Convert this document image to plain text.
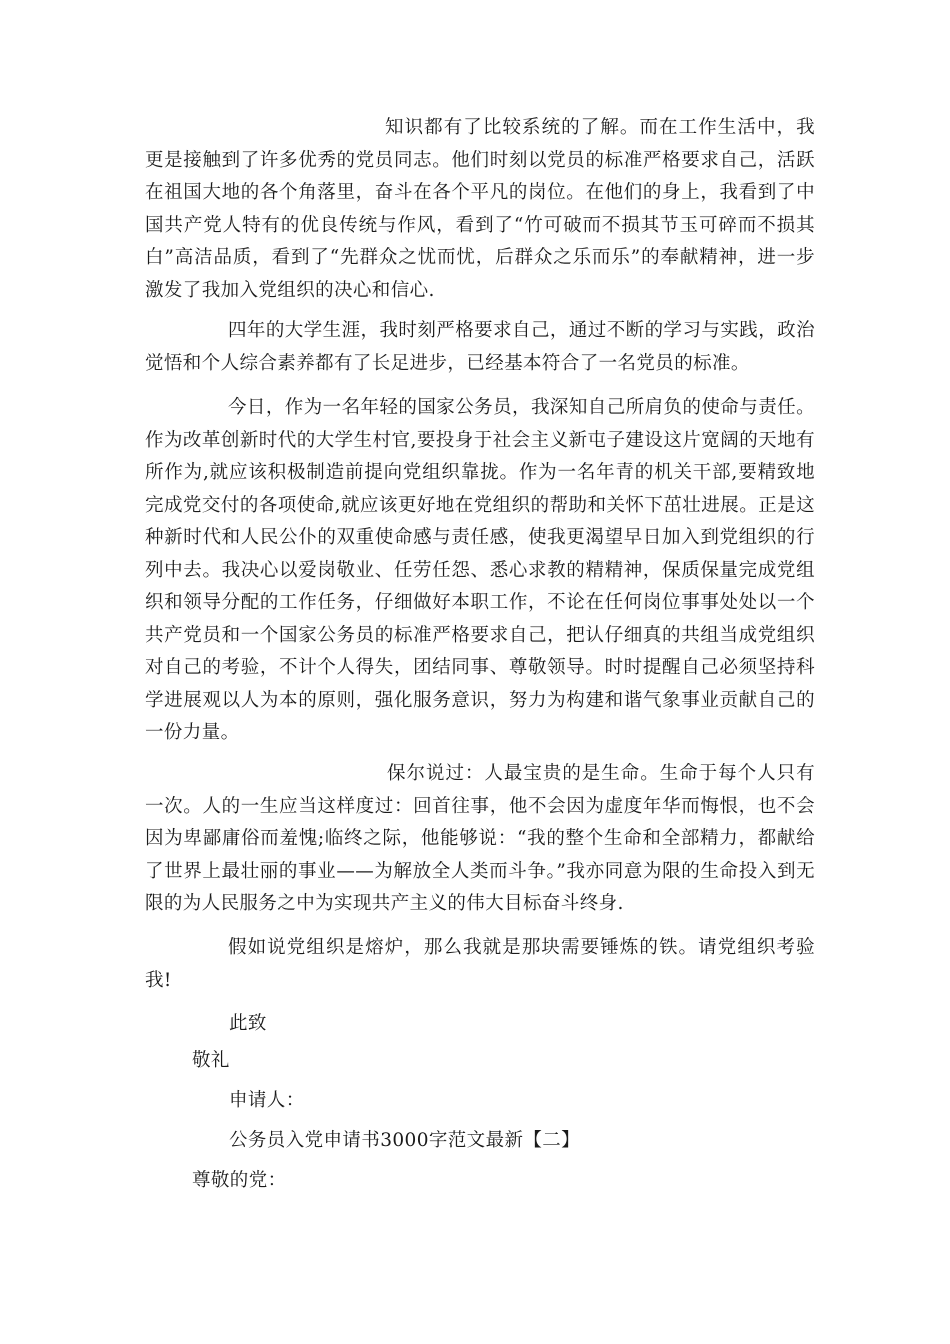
知识都有了比较系统的了解。而在工作生活中，我更是接触到了许多优秀的党员同志。他们时刻以党员的标准严格要求自己，活跃在祖国大地的各个角落里，奋斗在各个平凡的岗位。在他们的身上，我看到了中国共产党人特有的优良传统与作风，看到了“竹可破而不损其节玉可碎而不损其白”高洁品质，看到了“先群众之忧而忧，后群众之乐而乐”的奉献精神，进一步激发了我加入党组织的决心和信心.

四年的大学生涯，我时刻严格要求自己，通过不断的学习与实践，政治觉悟和个人综合素养都有了长足进步，已经基本符合了一名党员的标准。

今日，作为一名年轻的国家公务员，我深知自己所肩负的使命与责任。作为改革创新时代的大学生村官,要投身于社会主义新屯子建设这片宽阔的天地有所作为,就应该积极制造前提向党组织靠拢。作为一名年青的机关干部,要精致地完成党交付的各项使命,就应该更好地在党组织的帮助和关怀下茁壮进展。正是这种新时代和人民公仆的双重使命感与责任感，使我更渴望早日加入到党组织的行列中去。我决心以爱岗敬业、任劳任怨、悉心求教的精精神，保质保量完成党组织和领导分配的工作任务，仔细做好本职工作，不论在任何岗位事事处处以一个共产党员和一个国家公务员的标准严格要求自己，把认仔细真的共组当成党组织对自己的考验，不计个人得失，团结同事、尊敬领导。时时提醒自己必须坚持科学进展观以人为本的原则，强化服务意识，努力为构建和谐气象事业贡献自己的一份力量。

保尔说过：人最宝贵的是生命。生命于每个人只有一次。人的一生应当这样度过：回首往事，他不会因为虚度年华而悔恨，也不会因为卑鄙庸俗而羞愧;临终之际，他能够说：“我的整个生命和全部精力，都献给了世界上最壮丽的事业——为解放全人类而斗争。”我亦同意为限的生命投入到无限的为人民服务之中为实现共产主义的伟大目标奋斗终身.

假如说党组织是熔炉，那么我就是那块需要锤炼的铁。请党组织考验我!

此致

敬礼

申请人：

公务员入党申请书3000字范文最新【二】

尊敬的党：
